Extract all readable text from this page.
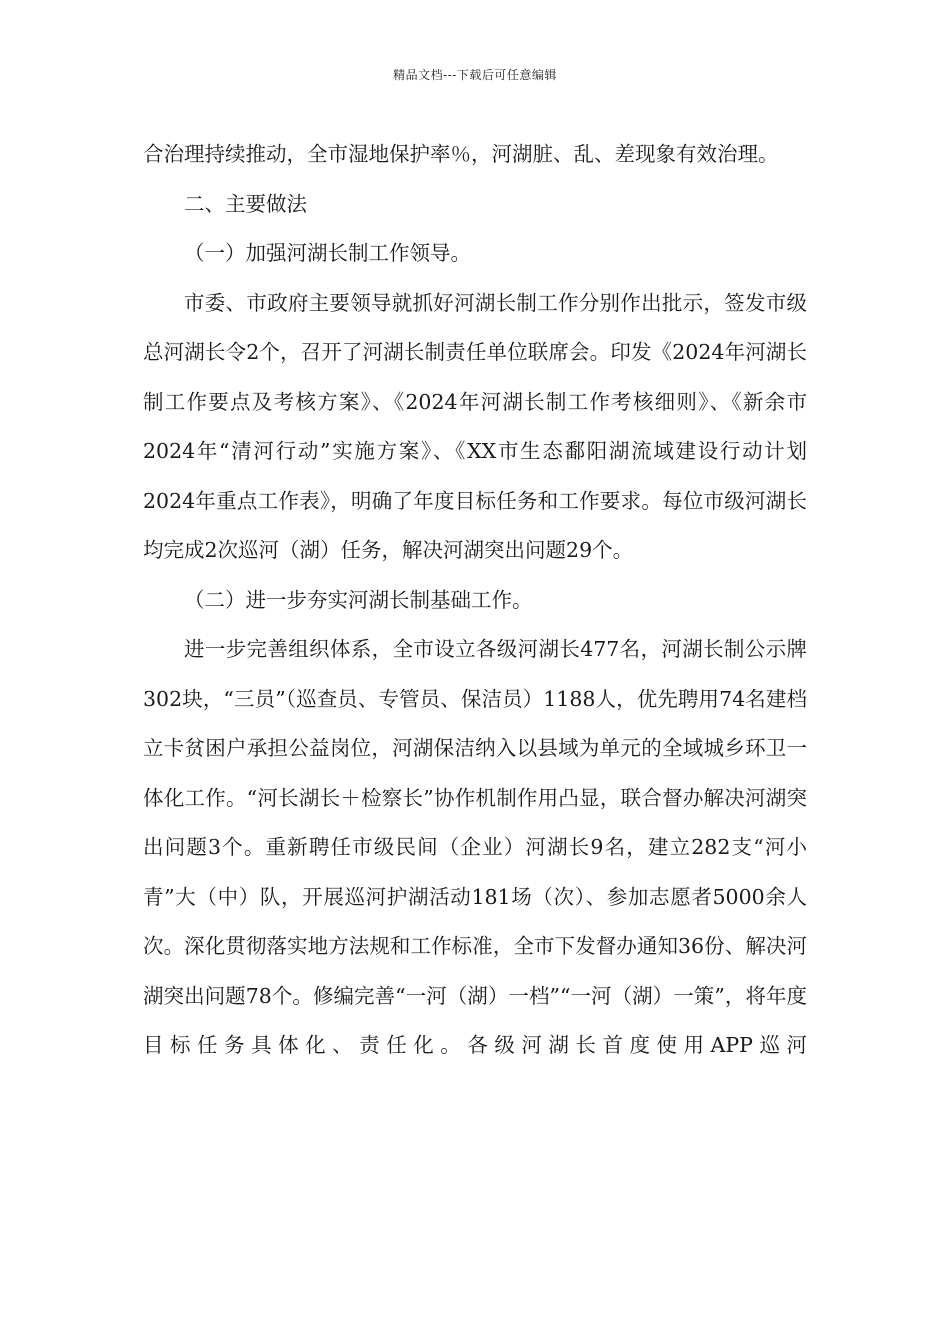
精品文档---下载后可任意编辑

合治理持续推动，全市湿地保护率％，河湖脏、乱、差现象有效治理。

二、主要做法

（一）加强河湖长制工作领导。

市委、市政府主要领导就抓好河湖长制工作分别作出批示，签发市级总河湖长令2个，召开了河湖长制责任单位联席会。印发《2024年河湖长制工作要点及考核方案》、《2024年河湖长制工作考核细则》、《新余市2024年“清河行动”实施方案》、《XX市生态鄱阳湖流域建设行动计划2024年重点工作表》，明确了年度目标任务和工作要求。每位市级河湖长均完成2次巡河（湖）任务，解决河湖突出问题29个。

（二）进一步夯实河湖长制基础工作。

进一步完善组织体系，全市设立各级河湖长477名，河湖长制公示牌302块，“三员”（巡查员、专管员、保洁员）1188人，优先聘用74名建档立卡贫困户承担公益岗位，河湖保洁纳入以县域为单元的全域城乡环卫一体化工作。“河长湖长＋检察长”协作机制作用凸显，联合督办解决河湖突出问题3个。重新聘任市级民间（企业）河湖长9名，建立282支“河小青”大（中）队，开展巡河护湖活动181场（次）、参加志愿者5000余人次。深化贯彻落实地方法规和工作标准，全市下发督办通知36份、解决河湖突出问题78个。修编完善“一河（湖）一档”“一河（湖）一策”，将年度目标任务具体化、责任化。各级河湖长首度使用APP巡河
